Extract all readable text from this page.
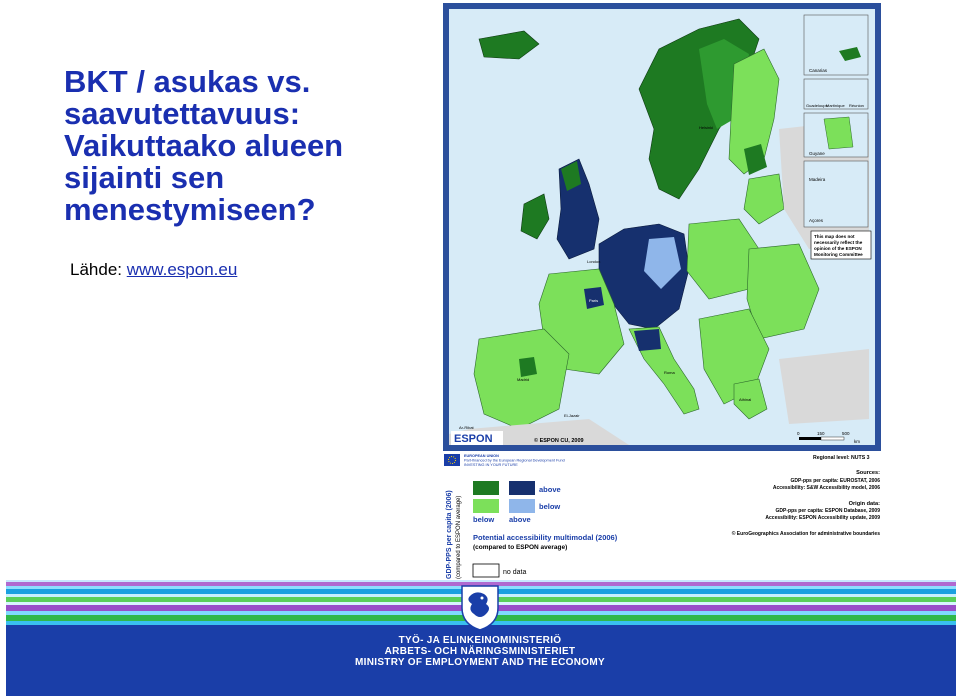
BKT / asukas vs.
saavutettavuus:
Vaikuttaako alueen
sijainti sen
menestymiseen?
Lähde: www.espon.eu
Canarias
Guadeloupe
Martinique Réunion
Guyane
Madeira
Açores
This map does not
necessarily reflect the
opinion of the ESPON
Monitoring Committee
Helsinki
London
Paris
Madrid
Roma
Athinai
Ar-Ribat
El-Jazair
ESPON	© ESPON CU, 2009
0	150	500
km
EUROPEAN UNION
Part-financed by the European Regional Development Fund
INVESTING IN YOUR FUTURE
Regional level: NUTS 3
GDP-PPS per capita (2006) (compared to ESPON average)
above
below
below above
Potential accessibility multimodal (2006)
(compared to ESPON average)
no data
Sources:
GDP-pps per capita: EUROSTAT, 2006
Accessibility: S&W Accessibility model, 2006
Origin data:
GDP-pps per capita: ESPON Database, 2009
Accessibility: ESPON Accessibility update, 2009
© EuroGeographics Association for administrative boundaries
TYÖ- JA ELINKEINOMINISTERIÖ
ARBETS- OCH NÄRINGSMINISTERIET
MINISTRY OF EMPLOYMENT AND THE ECONOMY
